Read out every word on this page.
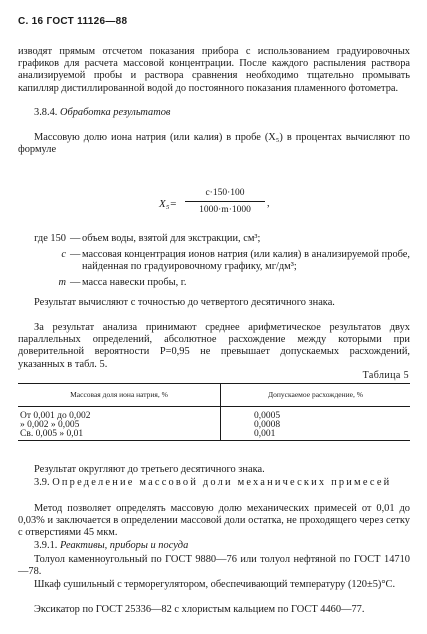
С. 16 ГОСТ 11126—88
изводят прямым отсчетом показания прибора с использованием градуировочных графиков для расчета массовой концентрации. После каждого распыления раствора анализируемой пробы и раствора сравнения необходимо тщательно промывать капилляр дистиллированной водой до постоянного показания пламенного фотометра.
3.8.4. Обработка результатов
Массовую долю иона натрия (или калия) в пробе (X₅) в процентах вычисляют по формуле
$X_5= \frac{c\cdot 150\cdot 100}{1000\cdot m\cdot 1000}$ ,
где 150 — объем воды, взятой для экстракции, см³;
c — массовая концентрация ионов натрия (или калия) в анализируемой пробе, найденная по градуировочному графику, мг/дм³;
m — масса навески пробы, г.
Результат вычисляют с точностью до четвертого десятичного знака.
За результат анализа принимают среднее арифметическое результатов двух параллельных определений, абсолютное расхождение между которыми при доверительной вероятности P=0,95 не превышает допускаемых расхождений, указанных в табл. 5.
Таблица 5
Массовая доля иона натрия, %	Допускаемое расхождение, %
От 0,001 до 0,002	0,0005
» 0,002 » 0,005	0,0008
Св. 0,005 » 0,01	0,001
Результат округляют до третьего десятичного знака.
3.9. Определение массовой доли механических примесей
Метод позволяет определять массовую долю механических примесей от 0,01 до 0,03% и заключается в определении массовой доли остатка, не проходящего через сетку с отверстиями 45 мкм.
3.9.1. Реактивы, приборы и посуда
Толуол каменноугольный по ГОСТ 9880—76 или толуол нефтяной по ГОСТ 14710—78.
Шкаф сушильный с терморегулятором, обеспечивающий температуру (120±5)°C.
Эксикатор по ГОСТ 25336—82 с хлористым кальцием по ГОСТ 4460—77.
